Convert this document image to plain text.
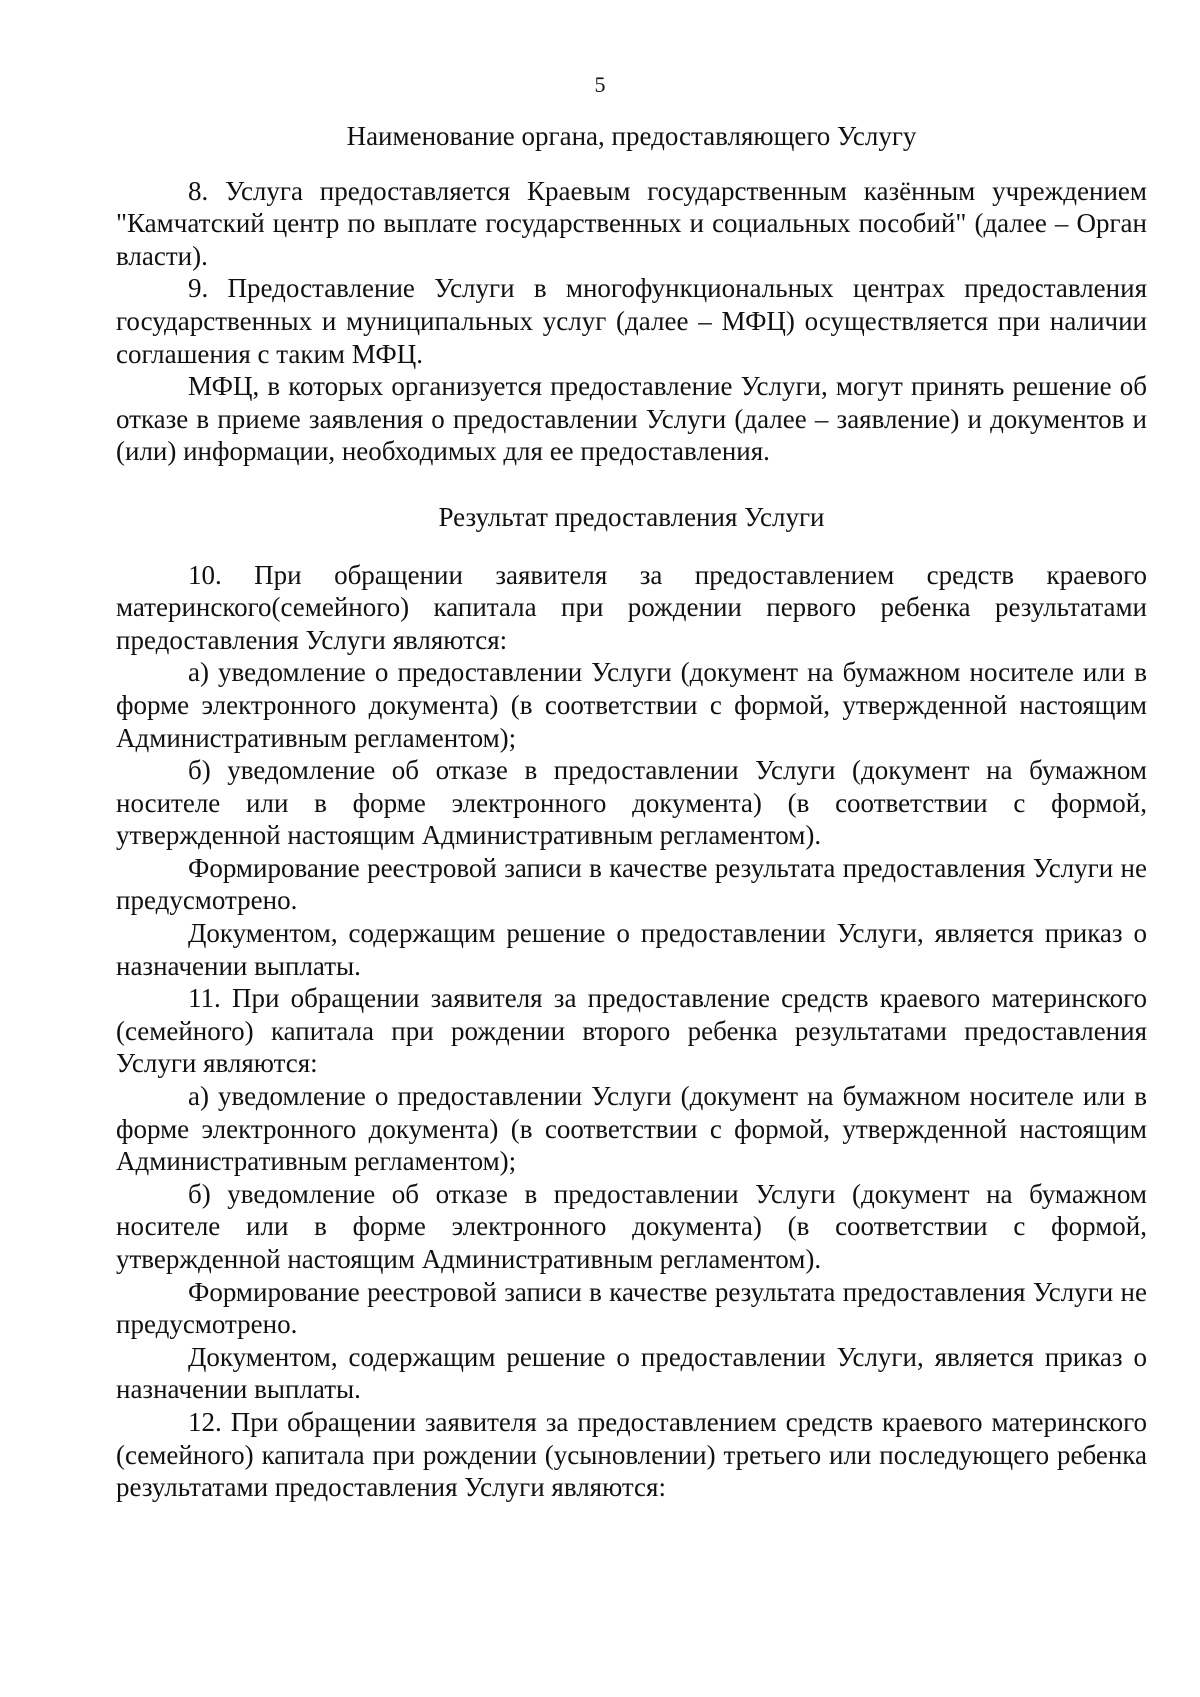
5
Наименование органа, предоставляющего Услугу

8. Услуга предоставляется Краевым государственным казённым учреждением "Камчатский центр по выплате государственных и социальных пособий" (далее – Орган власти).

9. Предоставление Услуги в многофункциональных центрах предоставления государственных и муниципальных услуг (далее – МФЦ) осуществляется при наличии соглашения с таким МФЦ.

МФЦ, в которых организуется предоставление Услуги, могут принять решение об отказе в приеме заявления о предоставлении Услуги (далее – заявление) и документов и (или) информации, необходимых для ее предоставления.

Результат предоставления Услуги

10. При обращении заявителя за предоставлением средств краевого материнского(семейного) капитала при рождении первого ребенка результатами предоставления Услуги являются:

а) уведомление о предоставлении Услуги (документ на бумажном носителе или в форме электронного документа) (в соответствии с формой, утвержденной настоящим Административным регламентом);

б) уведомление об отказе в предоставлении Услуги (документ на бумажном носителе или в форме электронного документа) (в соответствии с формой, утвержденной настоящим Административным регламентом).

Формирование реестровой записи в качестве результата предоставления Услуги не предусмотрено.

Документом, содержащим решение о предоставлении Услуги, является приказ о назначении выплаты.

11. При обращении заявителя за предоставление средств краевого материнского (семейного) капитала при рождении второго ребенка результатами предоставления Услуги являются:

а) уведомление о предоставлении Услуги (документ на бумажном носителе или в форме электронного документа) (в соответствии с формой, утвержденной настоящим Административным регламентом);

б) уведомление об отказе в предоставлении Услуги (документ на бумажном носителе или в форме электронного документа) (в соответствии с формой, утвержденной настоящим Административным регламентом).

Формирование реестровой записи в качестве результата предоставления Услуги не предусмотрено.

Документом, содержащим решение о предоставлении Услуги, является приказ о назначении выплаты.

12. При обращении заявителя за предоставлением средств краевого материнского (семейного) капитала при рождении (усыновлении) третьего или последующего ребенка результатами предоставления Услуги являются:
